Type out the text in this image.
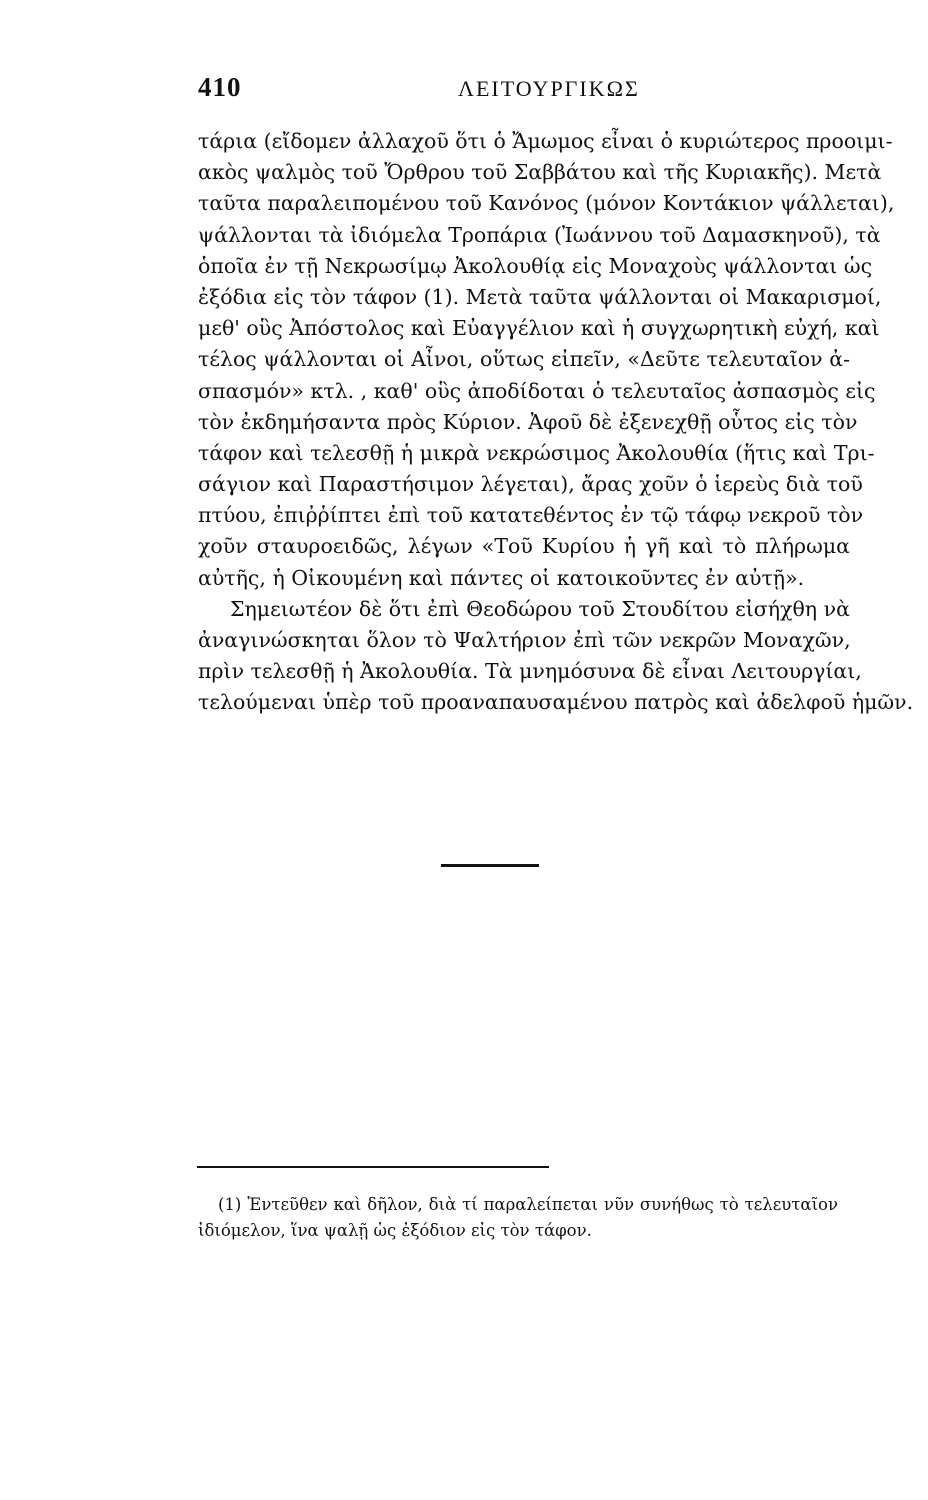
410	ΛΕΙΤΟΥΡΓΙΚΩΣ
τάρια (εἴδομεν ἀλλαχοῦ ὅτι ὁ Ἄμωμος εἶναι ὁ κυριώτερος προοιμι-
ακὸς ψαλμὸς τοῦ Ὄρθρου τοῦ Σαββάτου καὶ τῆς Κυριακῆς). Μετὰ
ταῦτα παραλειπομένου τοῦ Κανόνος (μόνον Κοντάκιον ψάλλεται),
ψάλλονται τὰ ἰδιόμελα Τροπάρια (Ἰωάννου τοῦ Δαμασκηνοῦ), τὰ
ὁποῖα ἐν τῇ Νεκρωσίμῳ Ἀκολουθίᾳ εἰς Μοναχοὺς ψάλλονται ὡς
ἐξόδια εἰς τὸν τάφον (1). Μετὰ ταῦτα ψάλλονται οἱ Μακαρισμοί,
μεθ' οὓς Ἀπόστολος καὶ Εὐαγγέλιον καὶ ἡ συγχωρητικὴ εὐχή, καὶ
τέλος ψάλλονται οἱ Αἶνοι, οὕτως εἰπεῖν, «Δεῦτε τελευταῖον ἀ-
σπασμόν» κτλ. , καθ' οὓς ἀποδίδοται ὁ τελευταῖος ἀσπασμὸς εἰς
τὸν ἐκδημήσαντα πρὸς Κύριον. Ἀφοῦ δὲ ἐξενεχθῇ οὗτος εἰς τὸν
τάφον καὶ τελεσθῇ ἡ μικρὰ νεκρώσιμος Ἀκολουθία (ἥτις καὶ Τρι-
σάγιον καὶ Παραστήσιμον λέγεται), ἄρας χοῦν ὁ ἱερεὺς διὰ τοῦ
πτύου, ἐπιῤῥίπτει ἐπὶ τοῦ κατατεθέντος ἐν τῷ τάφῳ νεκροῦ τὸν
χοῦν σταυροειδῶς, λέγων «Τοῦ Κυρίου ἡ γῆ καὶ τὸ πλήρωμα
αὐτῆς, ἡ Οἰκουμένη καὶ πάντες οἱ κατοικοῦντες ἐν αὐτῇ».
Σημειωτέον δὲ ὅτι ἐπὶ Θεοδώρου τοῦ Στουδίτου εἰσήχθη νὰ
ἀναγινώσκηται ὅλον τὸ Ψαλτήριον ἐπὶ τῶν νεκρῶν Μοναχῶν,
πρὶν τελεσθῇ ἡ Ἀκολουθία. Τὰ μνημόσυνα δὲ εἶναι Λειτουργίαι,
τελούμεναι ὑπὲρ τοῦ προαναπαυσαμένου πατρὸς καὶ ἀδελφοῦ ἡμῶν.
(1) Ἐντεῦθεν καὶ δῆλον, διὰ τί παραλείπεται νῦν συνήθως τὸ τελευταῖον
ἰδιόμελον, ἵνα ψαλῇ ὡς ἐξόδιον εἰς τὸν τάφον.
